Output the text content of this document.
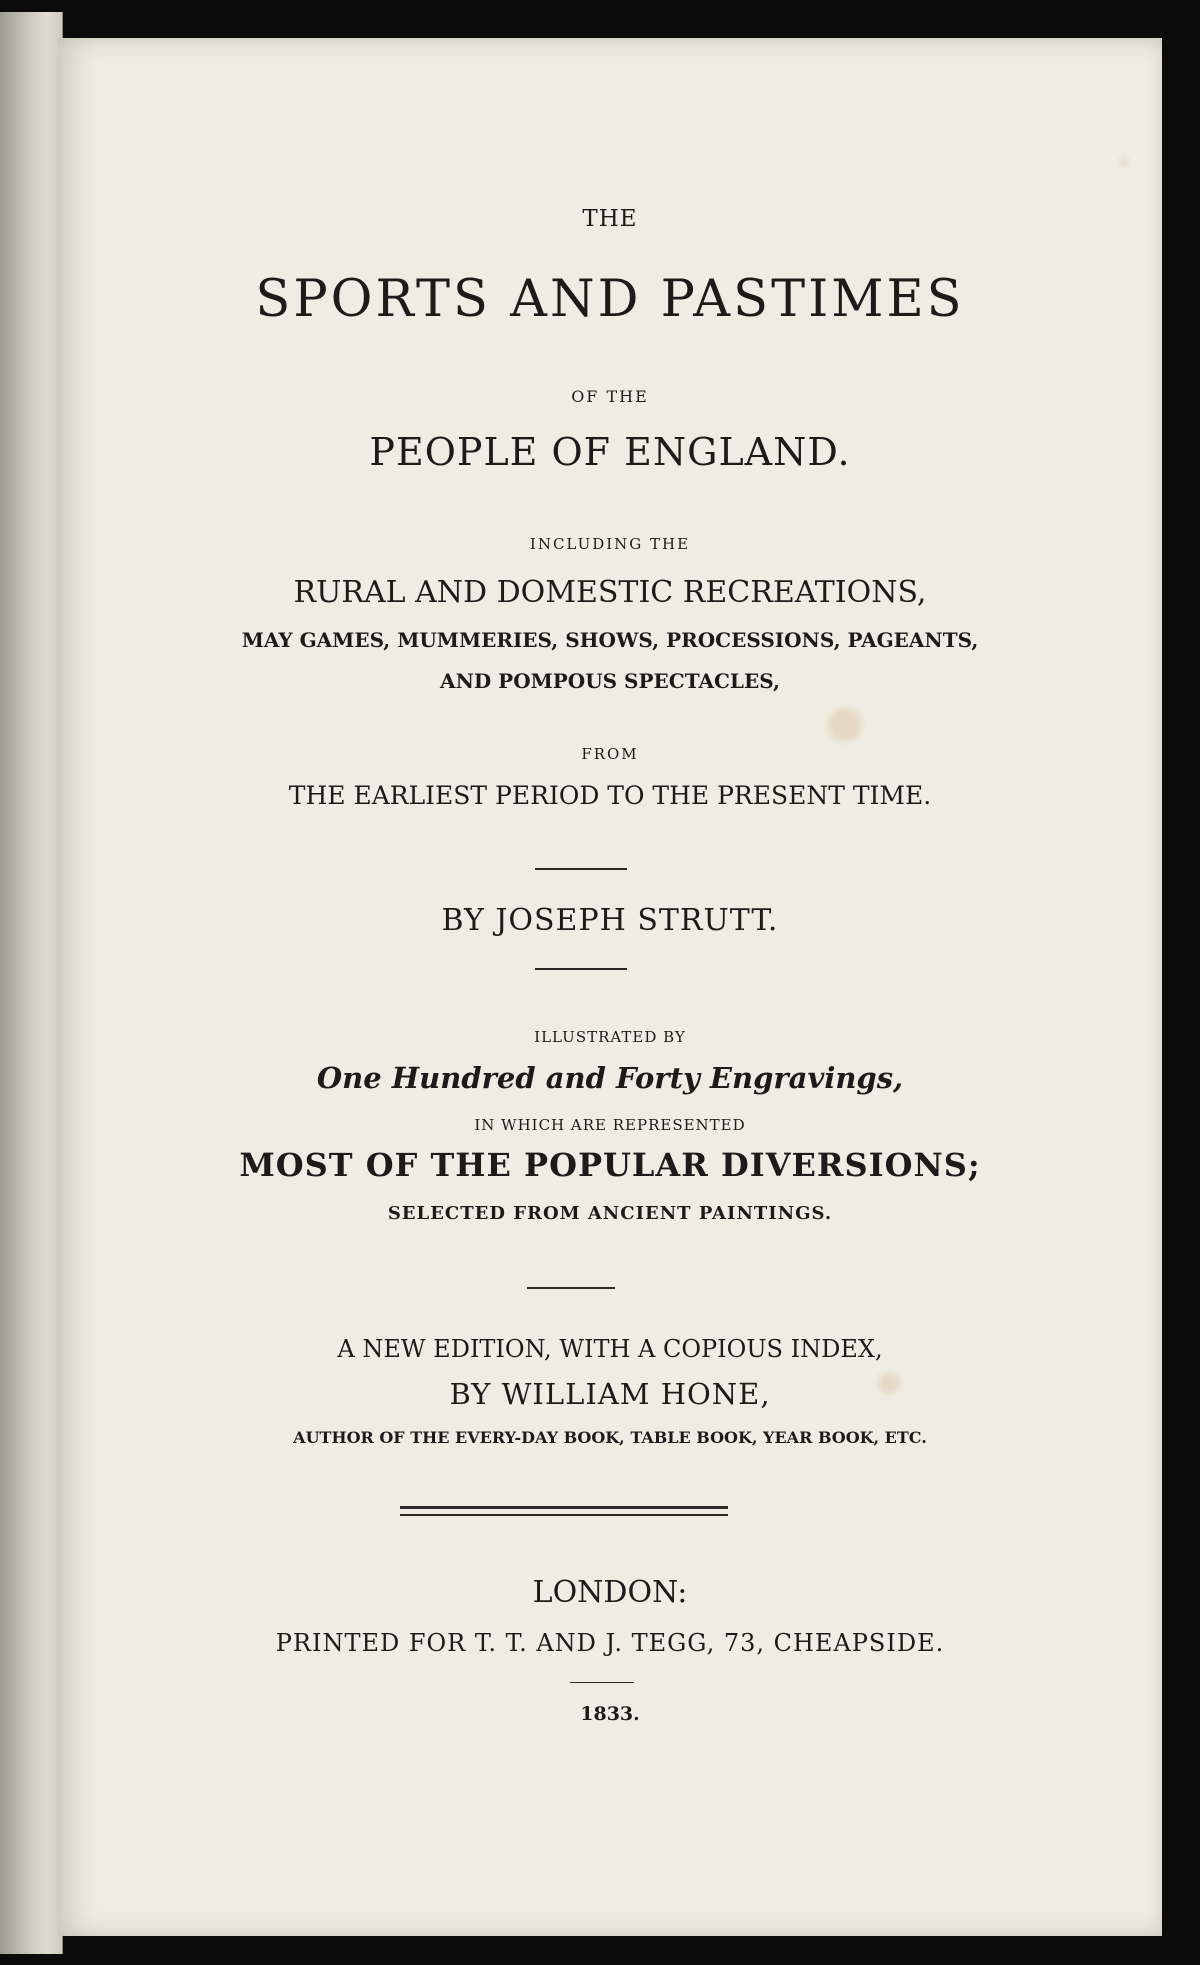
THE

SPORTS AND PASTIMES

OF THE

PEOPLE OF ENGLAND.

INCLUDING THE

RURAL AND DOMESTIC RECREATIONS,

MAY GAMES, MUMMERIES, SHOWS, PROCESSIONS, PAGEANTS,

AND POMPOUS SPECTACLES,

FROM

THE EARLIEST PERIOD TO THE PRESENT TIME.

BY JOSEPH STRUTT.

ILLUSTRATED BY

One Hundred and Forty Engravings,

IN WHICH ARE REPRESENTED

MOST OF THE POPULAR DIVERSIONS;

SELECTED FROM ANCIENT PAINTINGS.

A NEW EDITION, WITH A COPIOUS INDEX,

BY WILLIAM HONE,

AUTHOR OF THE EVERY-DAY BOOK, TABLE BOOK, YEAR BOOK, ETC.

LONDON:

PRINTED FOR T. T. AND J. TEGG, 73, CHEAPSIDE.

1833.
